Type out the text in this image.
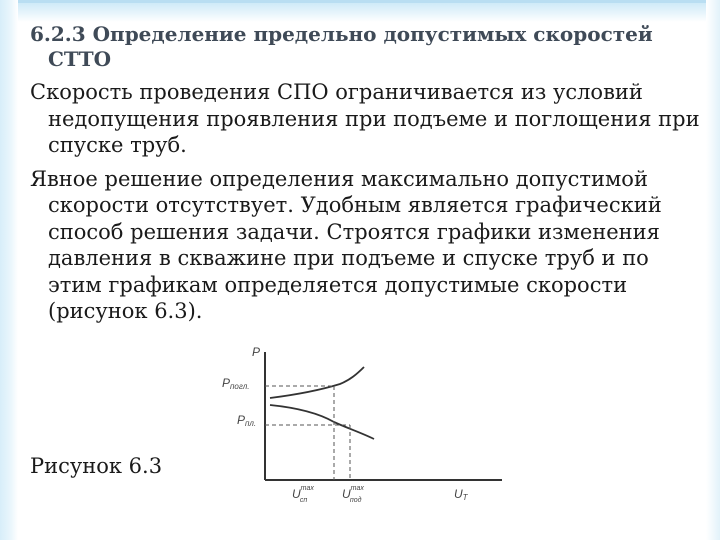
6.2.3 Определение предельно допустимых скоростей СТТО

Скорость проведения СПО ограничивается из условий недопущения проявления при подъеме и поглощения при спуске труб.

Явное решение определения максимально допустимой скорости отсутствует. Удобным является графический способ решения задачи. Строятся графики изменения давления в скважине при подъеме и спуске труб и по этим графикам определяется допустимые скорости (рисунок 6.3).

Рисунок 6.3
P
Pпогл.
Pпл.
$U^{max}$ сп	$U^{max}$ под	UT
